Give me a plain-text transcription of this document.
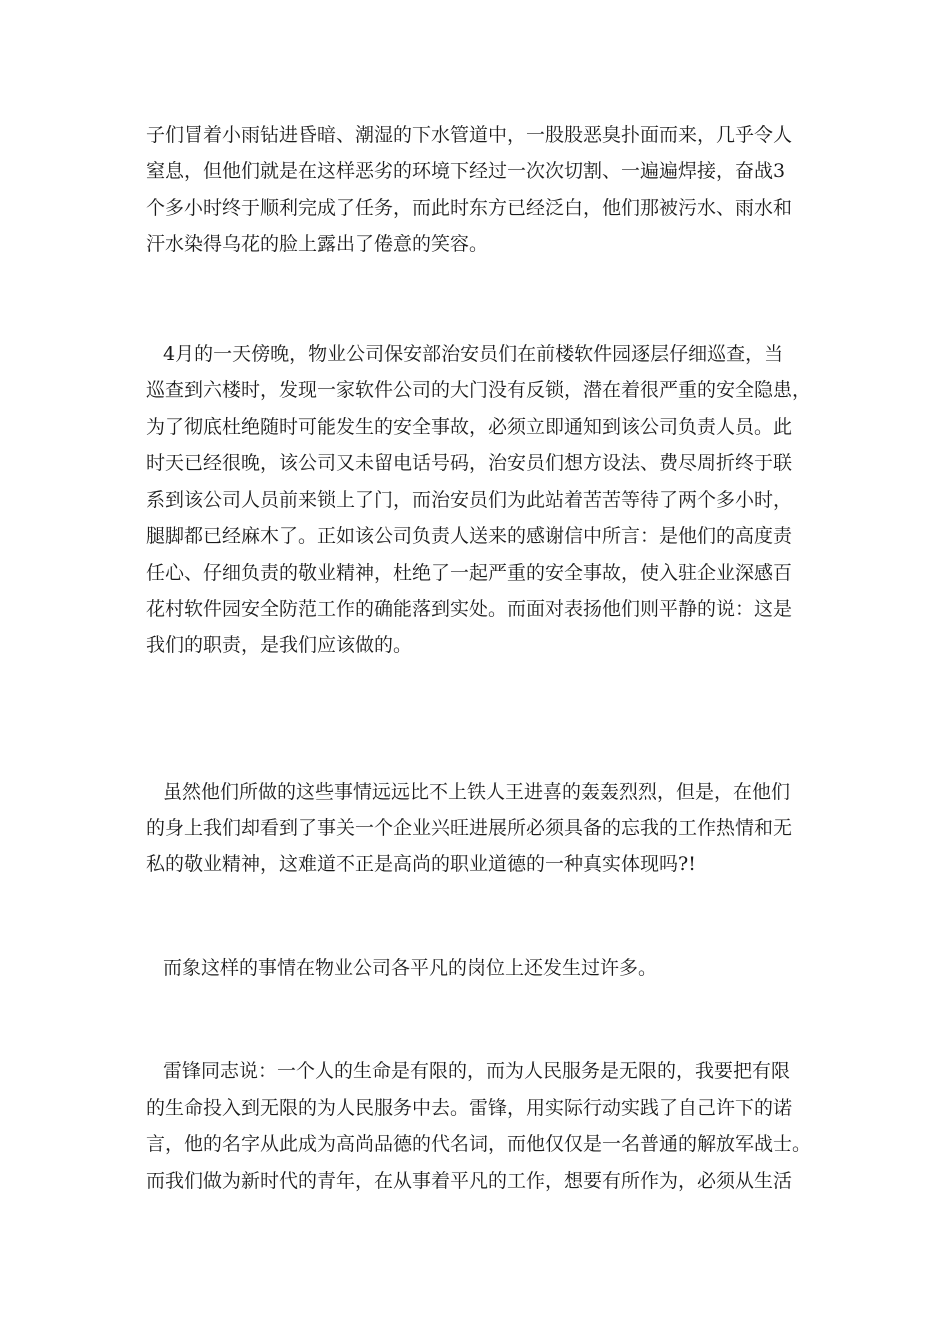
子们冒着小雨钻进昏暗、潮湿的下水管道中，一股股恶臭扑面而来，几乎令人
窒息，但他们就是在这样恶劣的环境下经过一次次切割、一遍遍焊接，奋战3
个多小时终于顺利完成了任务，而此时东方已经泛白，他们那被污水、雨水和
汗水染得乌花的脸上露出了倦意的笑容。
4月的一天傍晚，物业公司保安部治安员们在前楼软件园逐层仔细巡查，当
巡查到六楼时，发现一家软件公司的大门没有反锁，潜在着很严重的安全隐患，
为了彻底杜绝随时可能发生的安全事故，必须立即通知到该公司负责人员。此
时天已经很晚，该公司又未留电话号码，治安员们想方设法、费尽周折终于联
系到该公司人员前来锁上了门，而治安员们为此站着苦苦等待了两个多小时，
腿脚都已经麻木了。正如该公司负责人送来的感谢信中所言：是他们的高度责
任心、仔细负责的敬业精神，杜绝了一起严重的安全事故，使入驻企业深感百
花村软件园安全防范工作的确能落到实处。而面对表扬他们则平静的说：这是
我们的职责，是我们应该做的。
虽然他们所做的这些事情远远比不上铁人王进喜的轰轰烈烈，但是，在他们
的身上我们却看到了事关一个企业兴旺进展所必须具备的忘我的工作热情和无
私的敬业精神，这难道不正是高尚的职业道德的一种真实体现吗?!
而象这样的事情在物业公司各平凡的岗位上还发生过许多。
雷锋同志说：一个人的生命是有限的，而为人民服务是无限的，我要把有限
的生命投入到无限的为人民服务中去。雷锋，用实际行动实践了自己许下的诺
言，他的名字从此成为高尚品德的代名词，而他仅仅是一名普通的解放军战士。
而我们做为新时代的青年，在从事着平凡的工作，想要有所作为，必须从生活
